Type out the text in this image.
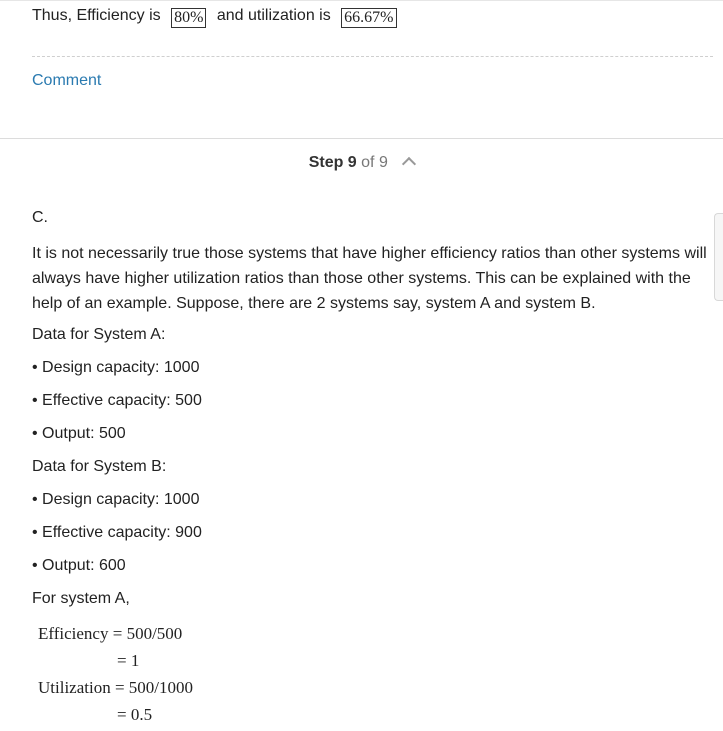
Thus, Efficiency is 80% and utilization is 66.67%
Comment
Step 9 of 9

C.

It is not necessarily true those systems that have higher efficiency ratios than other systems will always have higher utilization ratios than those other systems. This can be explained with the help of an example. Suppose, there are 2 systems say, system A and system B.

Data for System A:

• Design capacity: 1000

• Effective capacity: 500

• Output: 500

Data for System B:

• Design capacity: 1000

• Effective capacity: 900

• Output: 600

For system A,

Efficiency = 500/500
= 1
Utilization = 500/1000
= 0.5
